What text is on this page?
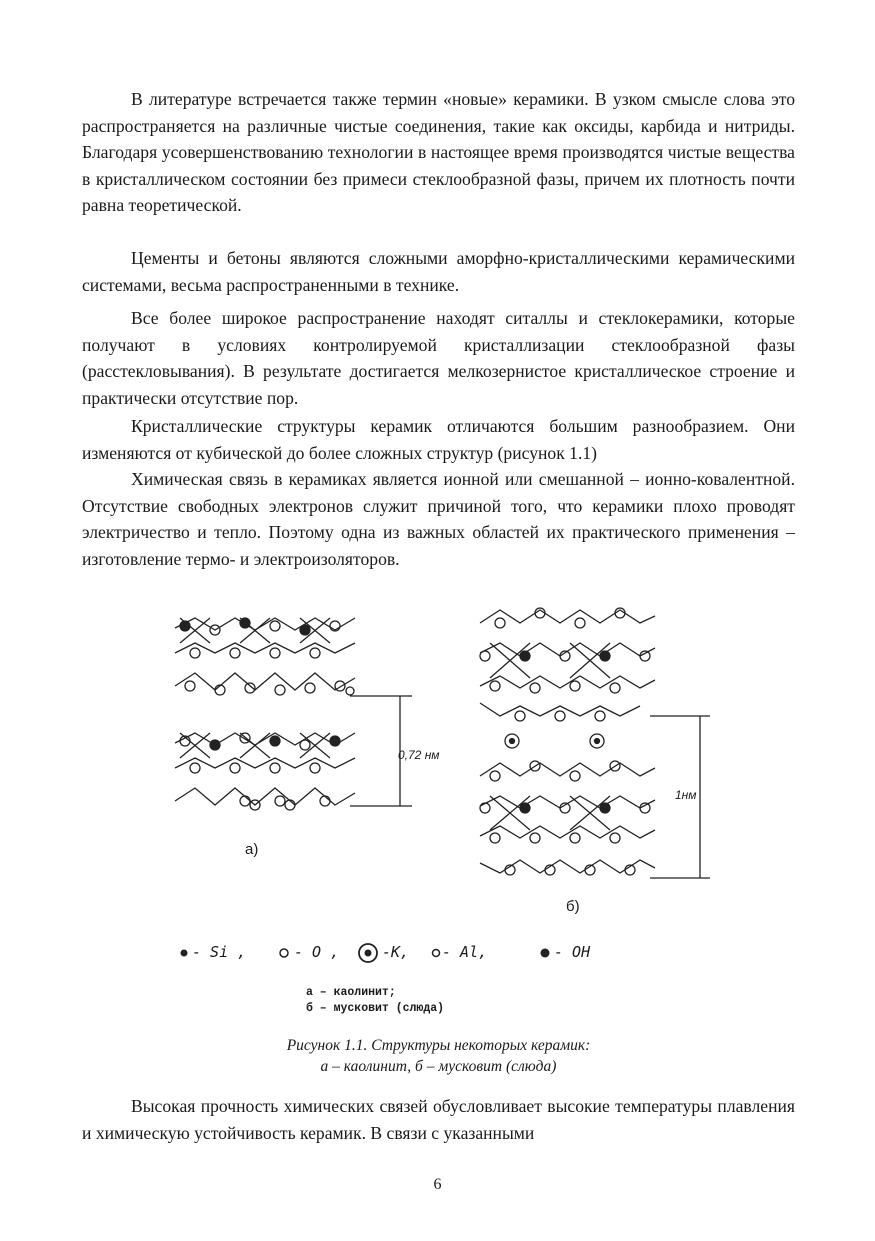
В литературе встречается также термин «новые» керамики. В узком смысле слова это распространяется на различные чистые соединения, такие как оксиды, карбида и нитриды. Благодаря усовершенствованию технологии в настоящее время производятся чистые вещества в кристаллическом состоянии без примеси стеклообразной фазы, причем их плотность почти равна теоретической.

Цементы и бетоны являются сложными аморфно-кристаллическими керамическими системами, весьма распространенными в технике.

Все более широкое распространение находят ситаллы и стеклокерамики, которые получают в условиях контролируемой кристаллизации стеклообразной фазы (расстекловывания). В результате достигается мелкозернистое кристаллическое строение и практически отсутствие пор.

Кристаллические структуры керамик отличаются большим разнообразием. Они изменяются от кубической до более сложных структур (рисунок 1.1)

Химическая связь в керамиках является ионной или смешанной – ионно-ковалентной. Отсутствие свободных электронов служит причиной того, что керамики плохо проводят электричество и тепло. Поэтому одна из важных областей их практического применения – изготовление термо- и электроизоляторов.

0,72 нм
1нм
а)
б)
- Si ,	- O ,	-K, - Al,	- OH
а – каолинит;
б – мусковит (слюда)
Рисунок 1.1. Структуры некоторых керамик:
а – каолинит, б – мусковит (слюда)

Высокая прочность химических связей обусловливает высокие температуры плавления и химическую устойчивость керамик. В связи с указанными

6
